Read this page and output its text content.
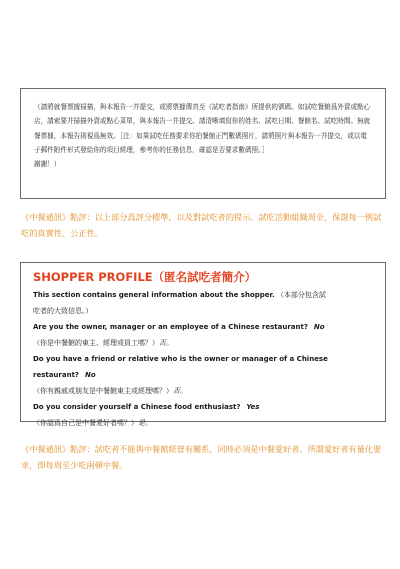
（請將就餐票據掃描，與本報告一并提交，或將票據傳真至《試吃者指南》所提供的號碼。如試吃餐館爲外賣或點心店，請索要并掃描外賣或點心菜單，與本報告一并提交。請清晰填寫你的姓名、試吃日期、餐館名、試吃時間。無就餐票據，本報告則視爲無效。［注：如果試吃任務要求你拍餐館正門數碼照片，請將照片與本報告一并提交，或以電子郵件附件形式發給你的項目經理，參考你的任務信息，確認是否要求數碼照。］
謝謝！）
《中餐通訊》點評：以上部分爲評分標準，以及對試吃者的提示。試吃活動組織周全，保證每一例試吃的真實性、公正性。
SHOPPER PROFILE（匿名試吃者簡介）
This section contains general information about the shopper. （本部分包含試
吃者的大致信息。）
Are you the owner, manager or an employee of a Chinese restaurant? No
（你是中餐館的東主、經理或員工嗎？）否。
Do you have a friend or relative who is the owner or manager of a Chinese
restaurant? No
（你有親戚或朋友是中餐館東主或經理嗎？）否。
Do you consider yourself a Chinese food enthusiast? Yes
（你認爲自己是中餐愛好者嗎？）是。
《中餐通訊》點評：試吃者不能與中餐館經營有關系，同時必須是中餐愛好者。所謂愛好者有量化要求，即每周至少吃兩頓中餐。
